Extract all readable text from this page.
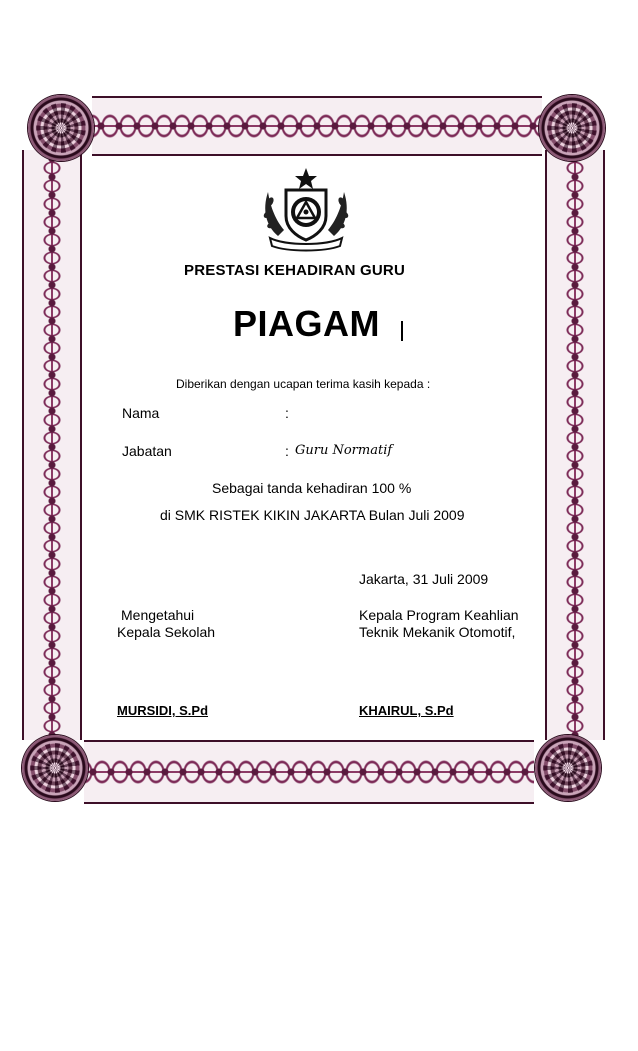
PRESTASI KEHADIRAN GURU
PIAGAM
Diberikan dengan ucapan terima kasih kepada :
Nama	:
Jabatan	: Guru Normatif
Sebagai tanda kehadiran 100 %
di SMK RISTEK KIKIN JAKARTA Bulan Juli 2009
Jakarta, 31 Juli 2009
Mengetahui
Kepala Sekolah
Kepala Program Keahlian
Teknik Mekanik Otomotif,
MURSIDI, S.Pd	KHAIRUL, S.Pd
